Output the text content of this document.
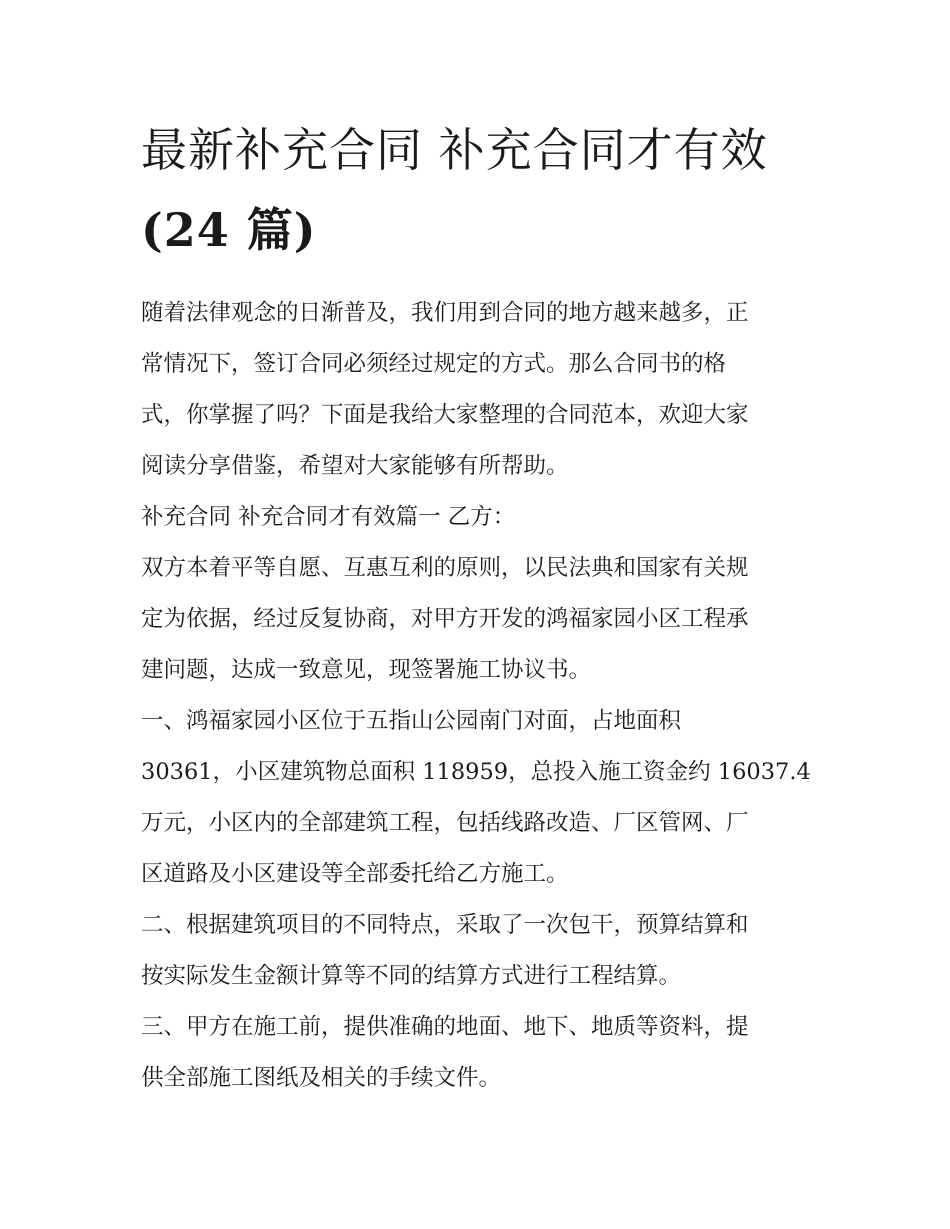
最新补充合同 补充合同才有效
(24 篇)

随着法律观念的日渐普及，我们用到合同的地方越来越多，正
常情况下，签订合同必须经过规定的方式。那么合同书的格
式，你掌握了吗？下面是我给大家整理的合同范本，欢迎大家
阅读分享借鉴，希望对大家能够有所帮助。

补充合同 补充合同才有效篇一 乙方：

双方本着平等自愿、互惠互利的原则，以民法典和国家有关规
定为依据，经过反复协商，对甲方开发的鸿福家园小区工程承
建问题，达成一致意见，现签署施工协议书。

一、鸿福家园小区位于五指山公园南门对面，占地面积
30361，小区建筑物总面积 118959，总投入施工资金约 16037.4
万元，小区内的全部建筑工程，包括线路改造、厂区管网、厂
区道路及小区建设等全部委托给乙方施工。

二、根据建筑项目的不同特点，采取了一次包干，预算结算和
按实际发生金额计算等不同的结算方式进行工程结算。

三、甲方在施工前，提供准确的地面、地下、地质等资料，提
供全部施工图纸及相关的手续文件。
